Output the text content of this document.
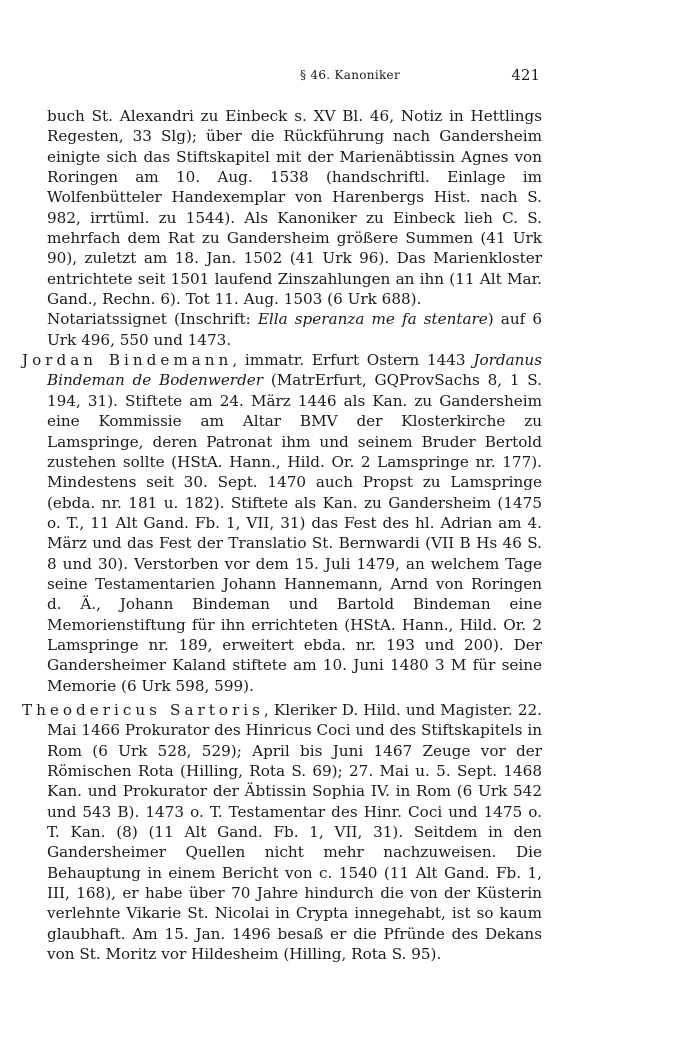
§ 46. Kanoniker	421
buch St. Alexandri zu Einbeck s. XV Bl. 46, Notiz in Hettlings Regesten, 33 Slg); über die Rückführung nach Gandersheim einigte sich das Stiftskapitel mit der Marienäbtissin Agnes von Roringen am 10. Aug. 1538 (handschriftl. Einlage im Wolfenbütteler Handexemplar von Harenbergs Hist. nach S. 982, irrtüml. zu 1544). Als Kanoniker zu Einbeck lieh C. S. mehrfach dem Rat zu Gandersheim größere Summen (41 Urk 90), zuletzt am 18. Jan. 1502 (41 Urk 96). Das Marienkloster entrichtete seit 1501 laufend Zinszahlungen an ihn (11 Alt Mar. Gand., Rechn. 6). Tot 11. Aug. 1503 (6 Urk 688).
Notariatssignet (Inschrift: Ella speranza me fa stentare) auf 6 Urk 496, 550 und 1473.
Jordan Bindemann, immatr. Erfurt Ostern 1443 Jordanus Bindeman de Bodenwerder (MatrErfurt, GQProvSachs 8, 1 S. 194, 31). Stiftete am 24. März 1446 als Kan. zu Gandersheim eine Kommissie am Altar BMV der Klosterkirche zu Lamspringe, deren Patronat ihm und seinem Bruder Bertold zustehen sollte (HStA. Hann., Hild. Or. 2 Lamspringe nr. 177). Mindestens seit 30. Sept. 1470 auch Propst zu Lamspringe (ebda. nr. 181 u. 182). Stiftete als Kan. zu Gandersheim (1475 o. T., 11 Alt Gand. Fb. 1, VII, 31) das Fest des hl. Adrian am 4. März und das Fest der Translatio St. Bernwardi (VII B Hs 46 S. 8 und 30). Verstorben vor dem 15. Juli 1479, an welchem Tage seine Testamentarien Johann Hannemann, Arnd von Roringen d. Ä., Johann Bindeman und Bartold Bindeman eine Memorienstiftung für ihn errichteten (HStA. Hann., Hild. Or. 2 Lamspringe nr. 189, erweitert ebda. nr. 193 und 200). Der Gandersheimer Kaland stiftete am 10. Juni 1480 3 M für seine Memorie (6 Urk 598, 599).
Theodericus Sartoris, Kleriker D. Hild. und Magister. 22. Mai 1466 Prokurator des Hinricus Coci und des Stiftskapitels in Rom (6 Urk 528, 529); April bis Juni 1467 Zeuge vor der Römischen Rota (Hilling, Rota S. 69); 27. Mai u. 5. Sept. 1468 Kan. und Prokurator der Äbtissin Sophia IV. in Rom (6 Urk 542 und 543 B). 1473 o. T. Testamentar des Hinr. Coci und 1475 o. T. Kan. (8) (11 Alt Gand. Fb. 1, VII, 31). Seitdem in den Gandersheimer Quellen nicht mehr nachzuweisen. Die Behauptung in einem Bericht von c. 1540 (11 Alt Gand. Fb. 1, III, 168), er habe über 70 Jahre hindurch die von der Küsterin verlehnte Vikarie St. Nicolai in Crypta innegehabt, ist so kaum glaubhaft. Am 15. Jan. 1496 besaß er die Pfründe des Dekans von St. Moritz vor Hildesheim (Hilling, Rota S. 95).
